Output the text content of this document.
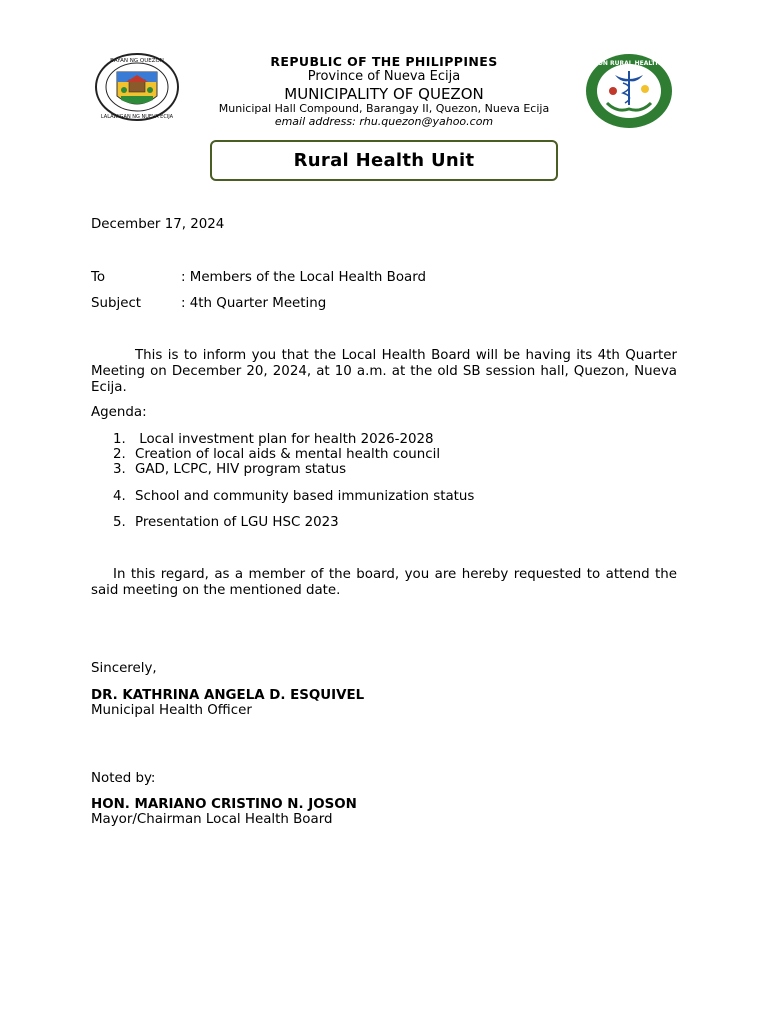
BAYAN NG QUEZON
LALAWIGAN NG NUEVA ECIJA
QUEZON RURAL HEALTH UNIT
REPUBLIC OF THE PHILIPPINES
Province of Nueva Ecija
MUNICIPALITY OF QUEZON
Municipal Hall Compound, Barangay II, Quezon, Nueva Ecija
email address: rhu.quezon@yahoo.com
Rural Health Unit
December 17, 2024
To	: Members of the Local Health Board
Subject	: 4th Quarter Meeting
This is to inform you that the Local Health Board will be having its 4th Quarter Meeting on December 20, 2024, at 10 a.m. at the old SB session hall, Quezon, Nueva Ecija.
Agenda:
1. Local investment plan for health 2026-2028
2. Creation of local aids & mental health council
3. GAD, LCPC, HIV program status
4. School and community based immunization status
5. Presentation of LGU HSC 2023
In this regard, as a member of the board, you are hereby requested to attend the said meeting on the mentioned date.
Sincerely,
DR. KATHRINA ANGELA D. ESQUIVEL
Municipal Health Officer
Noted by:
HON. MARIANO CRISTINO N. JOSON
Mayor/Chairman Local Health Board
